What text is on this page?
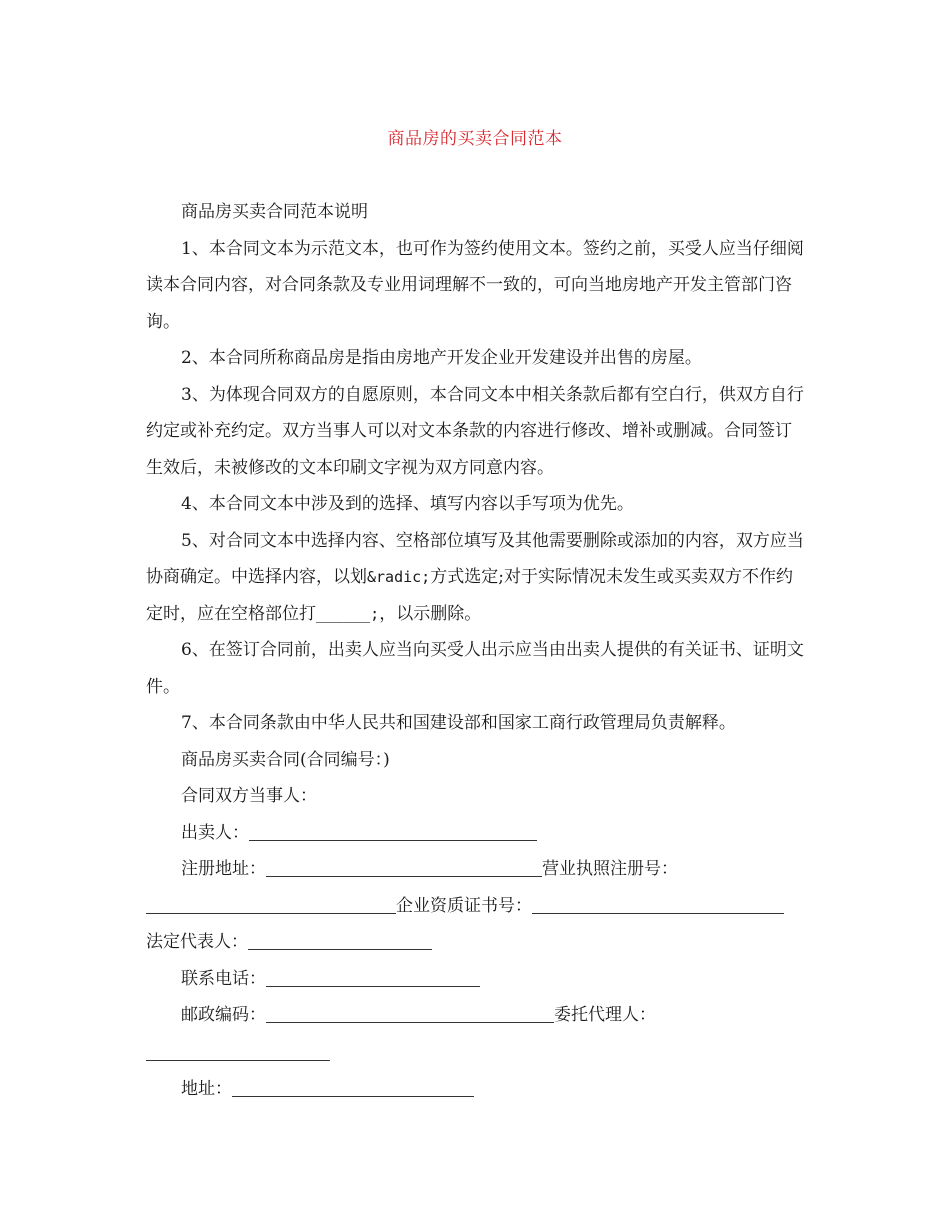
商品房的买卖合同范本

商品房买卖合同范本说明

1、本合同文本为示范文本，也可作为签约使用文本。签约之前，买受人应当仔细阅读本合同内容，对合同条款及专业用词理解不一致的，可向当地房地产开发主管部门咨询。

2、本合同所称商品房是指由房地产开发企业开发建设并出售的房屋。

3、为体现合同双方的自愿原则，本合同文本中相关条款后都有空白行，供双方自行约定或补充约定。双方当事人可以对文本条款的内容进行修改、增补或删减。合同签订生效后，未被修改的文本印刷文字视为双方同意内容。

4、本合同文本中涉及到的选择、填写内容以手写项为优先。

5、对合同文本中选择内容、空格部位填写及其他需要删除或添加的内容，双方应当协商确定。中选择内容，以划&radic;方式选定;对于实际情况未发生或买卖双方不作约定时，应在空格部位打______;，以示删除。

6、在签订合同前，出卖人应当向买受人出示应当由出卖人提供的有关证书、证明文件。

7、本合同条款由中华人民共和国建设部和国家工商行政管理局负责解释。

商品房买卖合同(合同编号：)

合同双方当事人：

出卖人：

注册地址：	营业执照注册号：

企业资质证书号：

法定代表人：

联系电话：

邮政编码：	委托代理人：

地址：
